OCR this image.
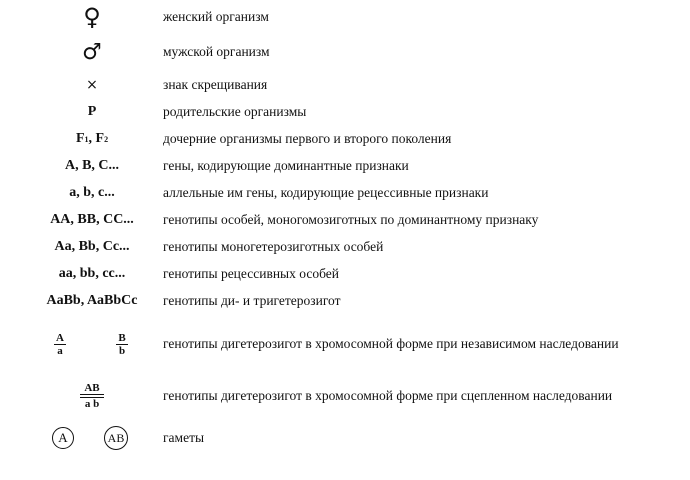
♀	женский организм
♂	мужской организм
×	знак скрещивания
P	родительские организмы
F 1 , F 2	дочерние организмы первого и второго поколения
A, B, C...	гены, кодирующие доминантные признаки
a, b, c...	аллельные им гены, кодирующие рецессивные признаки
AA, BB, CC...	генотипы особей, моногомозиготных по доминантному признаку
Aa, Bb, Cc...	генотипы моногетерозиготных особей
aa, bb, cc...	генотипы рецессивных особей
AaBb, AaBbCc	генотипы ди- и тригетерозигот
$\frac{A}{a}$	$\frac{B}{b}$	генотипы дигетерозигот в хромосомной форме при независимом наследовании
$\frac{AB}{\text{a b}}$	генотипы дигетерозигот в хромосомной форме при сцепленном наследовании
A	AB	гаметы
